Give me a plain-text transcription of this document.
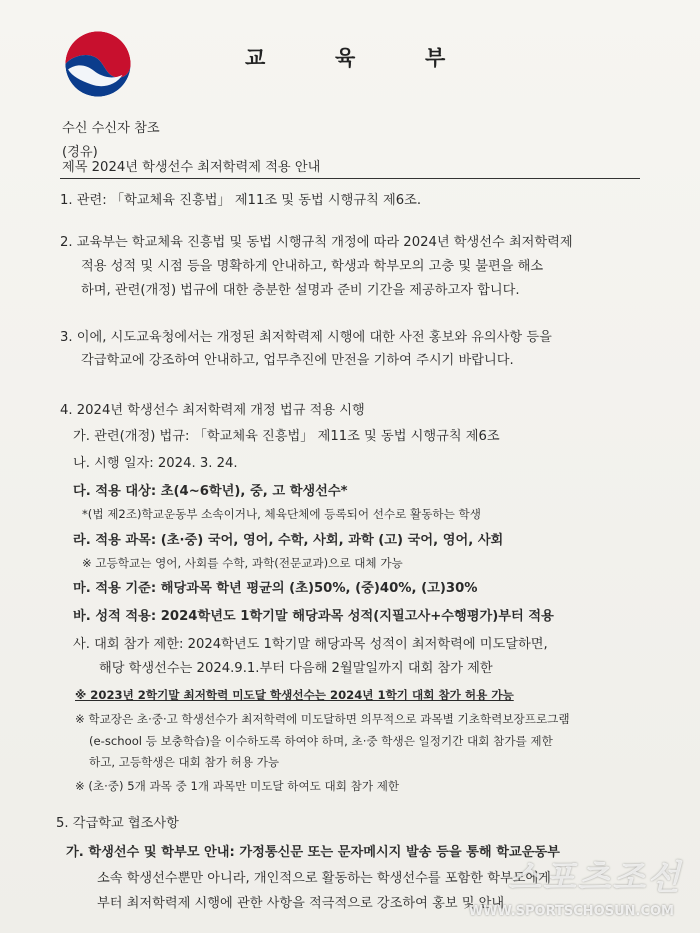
교	육	부
수신 수신자 참조
(경유)
제목 2024년 학생선수 최저학력제 적용 안내
1. 관련: 「학교체육 진흥법」 제11조 및 동법 시행규칙 제6조.
2. 교육부는 학교체육 진흥법 및 동법 시행규칙 개정에 따라 2024년 학생선수 최저학력제
적용 성적 및 시점 등을 명확하게 안내하고, 학생과 학부모의 고충 및 불편을 해소
하며, 관련(개정) 법규에 대한 충분한 설명과 준비 기간을 제공하고자 합니다.
3. 이에, 시도교육청에서는 개정된 최저학력제 시행에 대한 사전 홍보와 유의사항 등을
각급학교에 강조하여 안내하고, 업무추진에 만전을 기하여 주시기 바랍니다.
4. 2024년 학생선수 최저학력제 개정 법규 적용 시행
가. 관련(개정) 법규: 「학교체육 진흥법」 제11조 및 동법 시행규칙 제6조
나. 시행 일자: 2024. 3. 24.
다. 적용 대상: 초(4~6학년), 중, 고 학생선수*
*(법 제2조)학교운동부 소속이거나, 체육단체에 등록되어 선수로 활동하는 학생
라. 적용 과목: (초·중) 국어, 영어, 수학, 사회, 과학 (고) 국어, 영어, 사회
※ 고등학교는 영어, 사회를 수학, 과학(전문교과)으로 대체 가능
마. 적용 기준: 해당과목 학년 평균의 (초)50%, (중)40%, (고)30%
바. 성적 적용: 2024학년도 1학기말 해당과목 성적(지필고사+수행평가)부터 적용
사. 대회 참가 제한: 2024학년도 1학기말 해당과목 성적이 최저학력에 미도달하면,
해당 학생선수는 2024.9.1.부터 다음해 2월말일까지 대회 참가 제한
※ 2023년 2학기말 최저학력 미도달 학생선수는 2024년 1학기 대회 참가 허용 가능
※ 학교장은 초·중·고 학생선수가 최저학력에 미도달하면 의무적으로 과목별 기초학력보장프로그램
(e-school 등 보충학습)을 이수하도록 하여야 하며, 초·중 학생은 일정기간 대회 참가를 제한
하고, 고등학생은 대회 참가 허용 가능
※ (초·중) 5개 과목 중 1개 과목만 미도달 하여도 대회 참가 제한
5. 각급학교 협조사항
가. 학생선수 및 학부모 안내: 가정통신문 또는 문자메시지 발송 등을 통해 학교운동부
소속 학생선수뿐만 아니라, 개인적으로 활동하는 학생선수를 포함한 학부모에게
부터 최저학력제 시행에 관한 사항을 적극적으로 강조하여 홍보 및 안내
스포츠조선
WWW.SPORTSCHOSUN.COM
